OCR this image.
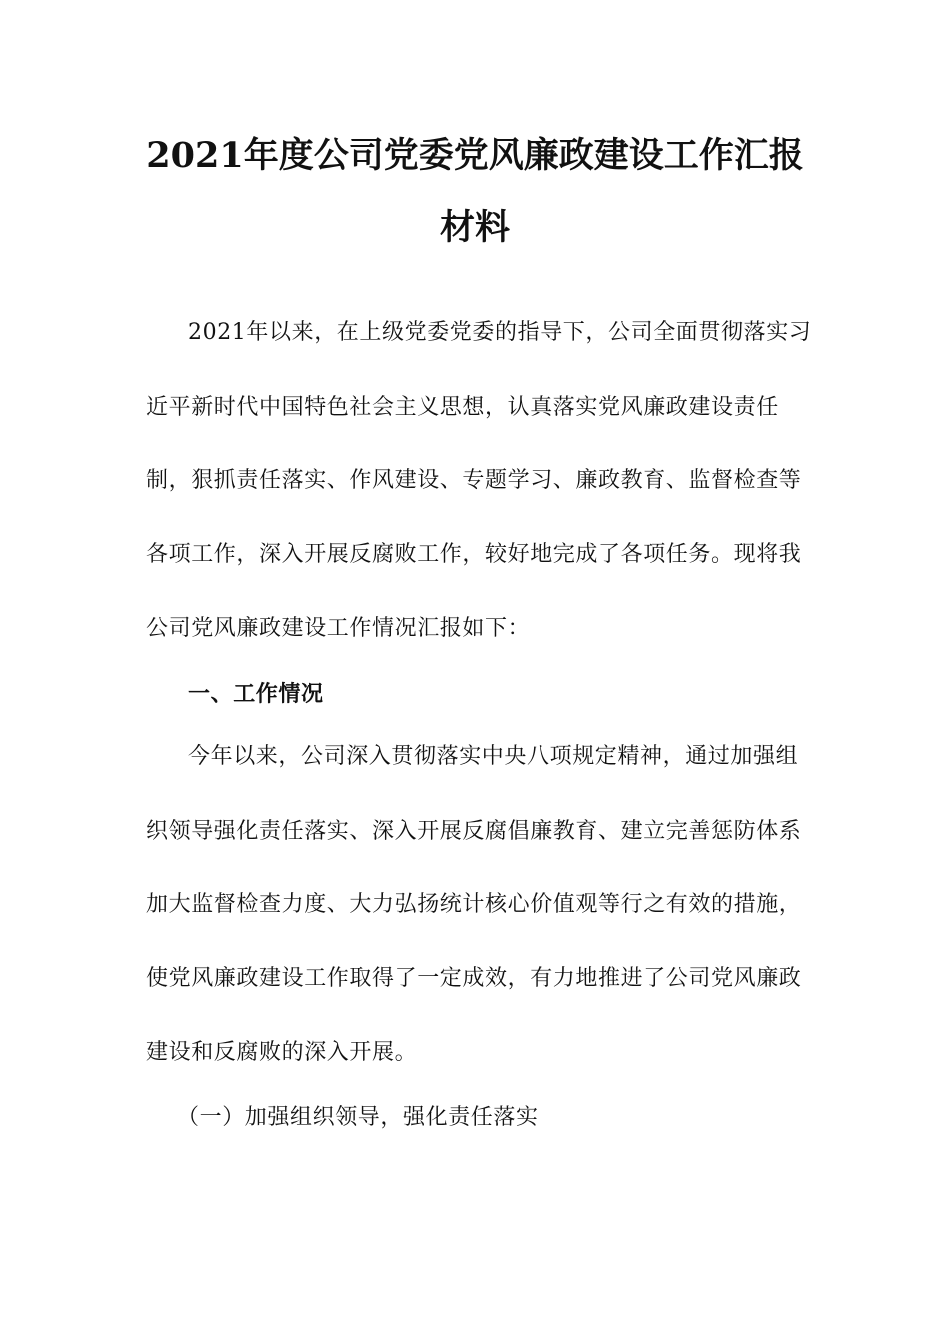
2021年度公司党委党风廉政建设工作汇报
材料
2021年以来，在上级党委党委的指导下，公司全面贯彻落实习
近平新时代中国特色社会主义思想，认真落实党风廉政建设责任
制，狠抓责任落实、作风建设、专题学习、廉政教育、监督检查等
各项工作，深入开展反腐败工作，较好地完成了各项任务。现将我
公司党风廉政建设工作情况汇报如下：
一、工作情况
今年以来，公司深入贯彻落实中央八项规定精神，通过加强组
织领导强化责任落实、深入开展反腐倡廉教育、建立完善惩防体系
加大监督检查力度、大力弘扬统计核心价值观等行之有效的措施，
使党风廉政建设工作取得了一定成效，有力地推进了公司党风廉政
建设和反腐败的深入开展。
（一）加强组织领导，强化责任落实
